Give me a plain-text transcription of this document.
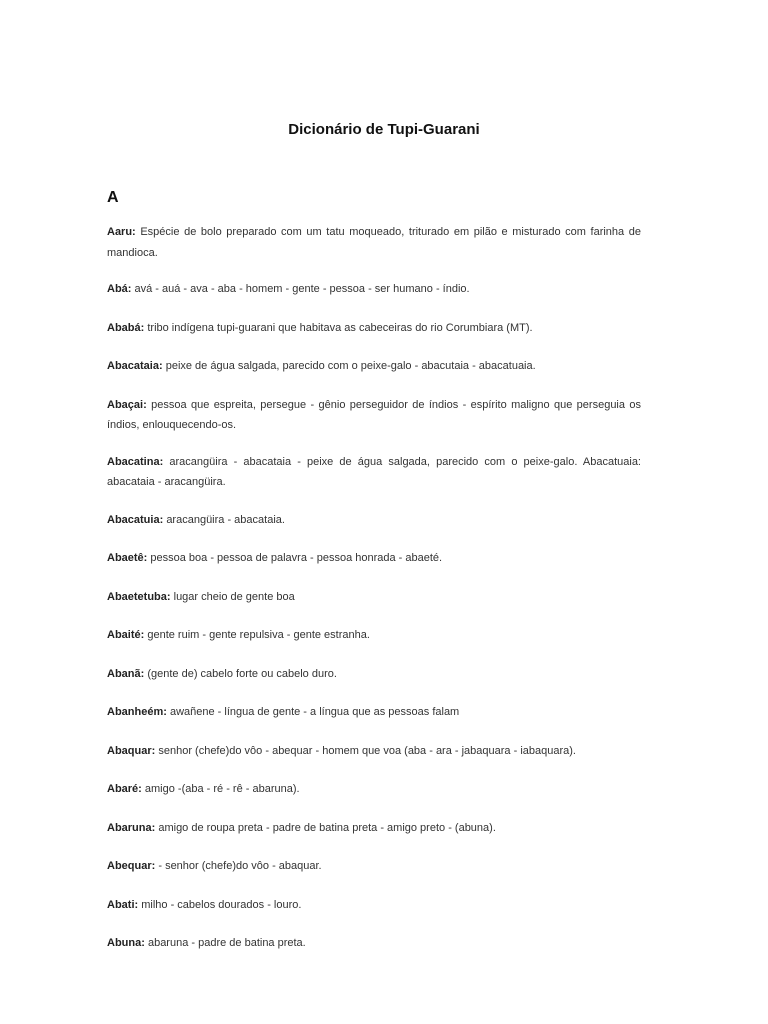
Dicionário de Tupi-Guarani
A

Aaru: Espécie de bolo preparado com um tatu moqueado, triturado em pilão e misturado com farinha de mandioca.

Abá: avá - auá - ava - aba - homem - gente - pessoa - ser humano - índio.

Ababá: tribo indígena tupi-guarani que habitava as cabeceiras do rio Corumbiara (MT).

Abacataia: peixe de água salgada, parecido com o peixe-galo - abacutaia - abacatuaia.

Abaçai: pessoa que espreita, persegue - gênio perseguidor de índios - espírito maligno que perseguia os índios, enlouquecendo-os.

Abacatina: aracangüira - abacataia - peixe de água salgada, parecido com o peixe-galo. Abacatuaia: abacataia - aracangüira.

Abacatuia: aracangüira - abacataia.

Abaetê: pessoa boa - pessoa de palavra - pessoa honrada - abaeté.

Abaetetuba: lugar cheio de gente boa

Abaité: gente ruim - gente repulsiva - gente estranha.

Abanã: (gente de) cabelo forte ou cabelo duro.

Abanheém: awañene - língua de gente - a língua que as pessoas falam

Abaquar: senhor (chefe)do vôo - abequar - homem que voa (aba - ara - jabaquara - iabaquara).

Abaré: amigo -(aba - ré - rê - abaruna).

Abaruna: amigo de roupa preta - padre de batina preta - amigo preto - (abuna).

Abequar: - senhor (chefe)do vôo - abaquar.

Abati: milho - cabelos dourados - louro.

Abuna: abaruna - padre de batina preta.
